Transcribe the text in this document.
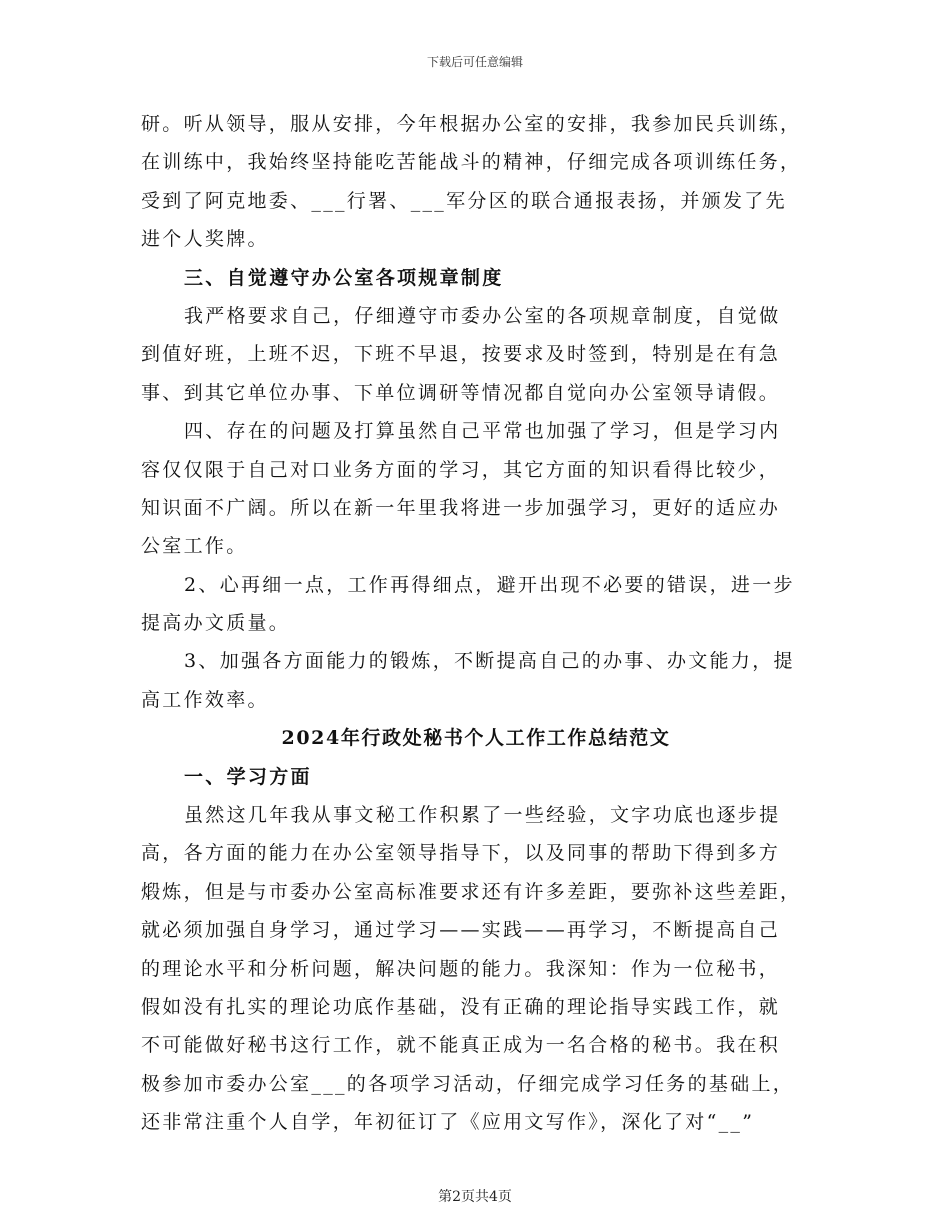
下载后可任意编辑
研。听从领导，服从安排，今年根据办公室的安排，我参加民兵训练，
在训练中，我始终坚持能吃苦能战斗的精神，仔细完成各项训练任务，
受到了阿克地委、___行署、___军分区的联合通报表扬，并颁发了先
进个人奖牌。
三、自觉遵守办公室各项规章制度
我严格要求自己，仔细遵守市委办公室的各项规章制度，自觉做
到值好班，上班不迟，下班不早退，按要求及时签到，特别是在有急
事、到其它单位办事、下单位调研等情况都自觉向办公室领导请假。
四、存在的问题及打算虽然自己平常也加强了学习，但是学习内
容仅仅限于自己对口业务方面的学习，其它方面的知识看得比较少，
知识面不广阔。所以在新一年里我将进一步加强学习，更好的适应办
公室工作。
2、心再细一点，工作再得细点，避开出现不必要的错误，进一步
提高办文质量。
3、加强各方面能力的锻炼，不断提高自己的办事、办文能力，提
高工作效率。
2024年行政处秘书个人工作工作总结范文
一、学习方面
虽然这几年我从事文秘工作积累了一些经验，文字功底也逐步提
高，各方面的能力在办公室领导指导下，以及同事的帮助下得到多方
煅炼，但是与市委办公室高标准要求还有许多差距，要弥补这些差距，
就必须加强自身学习，通过学习——实践——再学习，不断提高自己
的理论水平和分析问题，解决问题的能力。我深知：作为一位秘书，
假如没有扎实的理论功底作基础，没有正确的理论指导实践工作，就
不可能做好秘书这行工作，就不能真正成为一名合格的秘书。我在积
极参加市委办公室___的各项学习活动，仔细完成学习任务的基础上，
还非常注重个人自学，年初征订了《应用文写作》，深化了对“__”
第2页共4页
